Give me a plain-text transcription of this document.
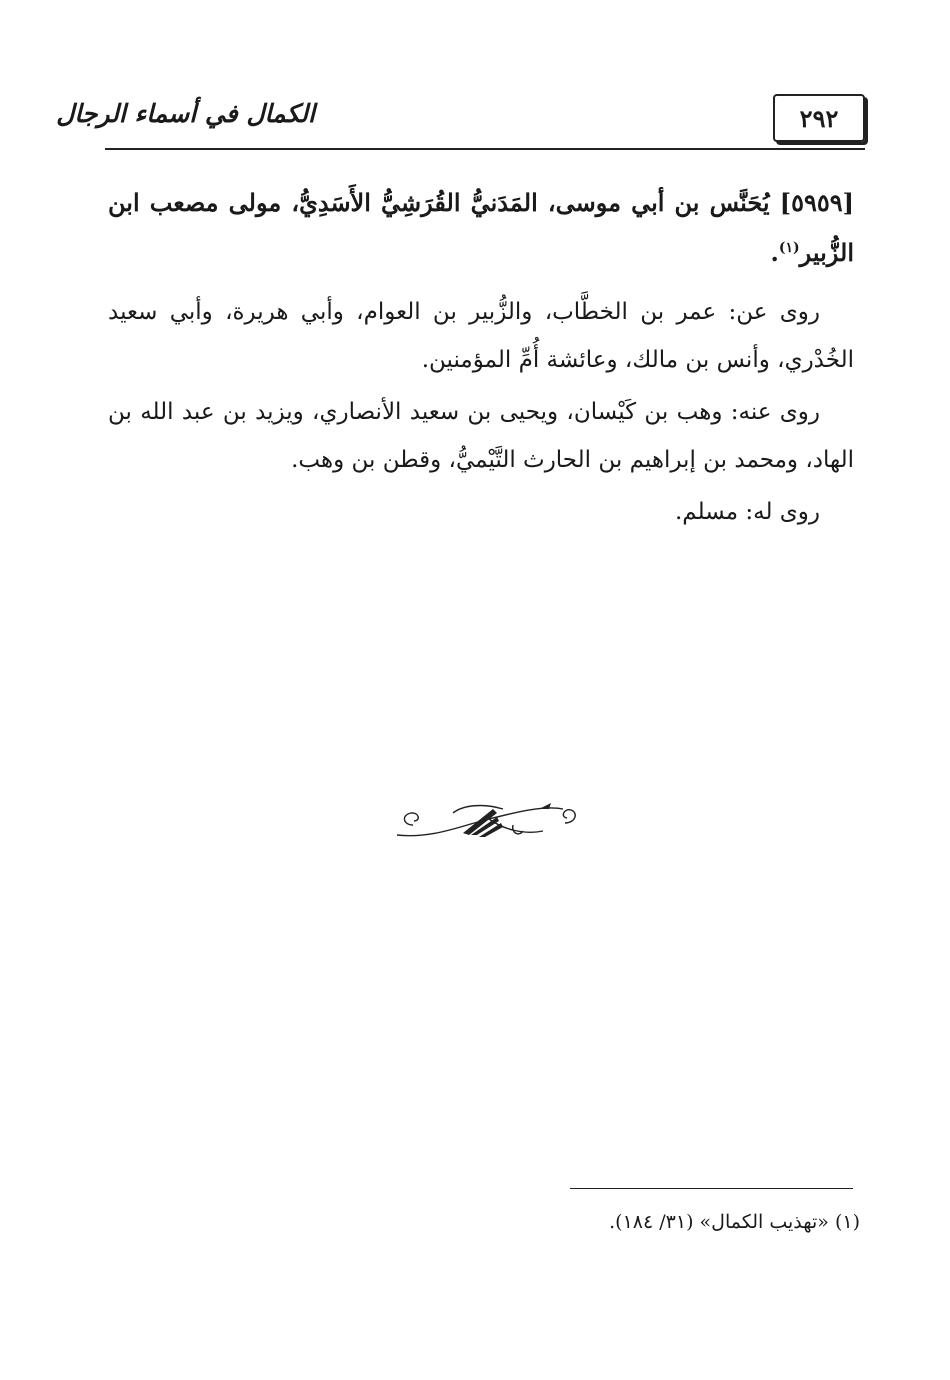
٢٩٢
الكمال في أسماء الرجال

[٥٩٥٩] يُحَنَّس بن أبي موسى، المَدَنيُّ القُرَشِيُّ الأَسَدِيُّ، مولى مصعب ابن الزُّبير$^{(١)}$.

روى عن: عمر بن الخطَّاب، والزُّبير بن العوام، وأبي هريرة، وأبي سعيد الخُدْري، وأنس بن مالك، وعائشة أُمِّ المؤمنين.

روى عنه: وهب بن كَيْسان، ويحيى بن سعيد الأنصاري، ويزيد بن عبد الله بن الهاد، ومحمد بن إبراهيم بن الحارث التَّيْميُّ، وقطن بن وهب.

روى له: مسلم.

(١) «تهذيب الكمال» (٣١/ ١٨٤).
